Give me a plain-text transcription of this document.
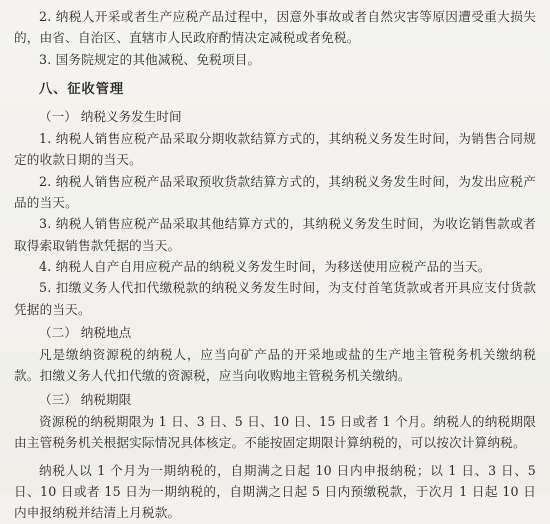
2. 纳税人开采或者生产应税产品过程中，因意外事故或者自然灾害等原因遭受重大损失的，由省、自治区、直辖市人民政府酌情决定减税或者免税。

3. 国务院规定的其他减税、免税项目。

八、征收管理
（一） 纳税义务发生时间

1. 纳税人销售应税产品采取分期收款结算方式的，其纳税义务发生时间，为销售合同规定的收款日期的当天。

2. 纳税人销售应税产品采取预收货款结算方式的，其纳税义务发生时间，为发出应税产品的当天。

3. 纳税人销售应税产品采取其他结算方式的，其纳税义务发生时间，为收讫销售款或者取得索取销售款凭据的当天。

4. 纳税人自产自用应税产品的纳税义务发生时间，为移送使用应税产品的当天。

5. 扣缴义务人代扣代缴税款的纳税义务发生时间，为支付首笔货款或者开具应支付货款凭据的当天。

（二） 纳税地点

凡是缴纳资源税的纳税人，应当向矿产品的开采地或盐的生产地主管税务机关缴纳税款。扣缴义务人代扣代缴的资源税，应当向收购地主管税务机关缴纳。

（三） 纳税期限

资源税的纳税期限为 1 日、3 日、5 日、10 日、15 日或者 1 个月。纳税人的纳税期限由主管税务机关根据实际情况具体核定。不能按固定期限计算纳税的，可以按次计算纳税。

纳税人以 1 个月为一期纳税的，自期满之日起 10 日内申报纳税；以 1 日、3 日、5 日、10 日或者 15 日为一期纳税的，自期满之日起 5 日内预缴税款，于次月 1 日起 10 日内申报纳税并结清上月税款。
